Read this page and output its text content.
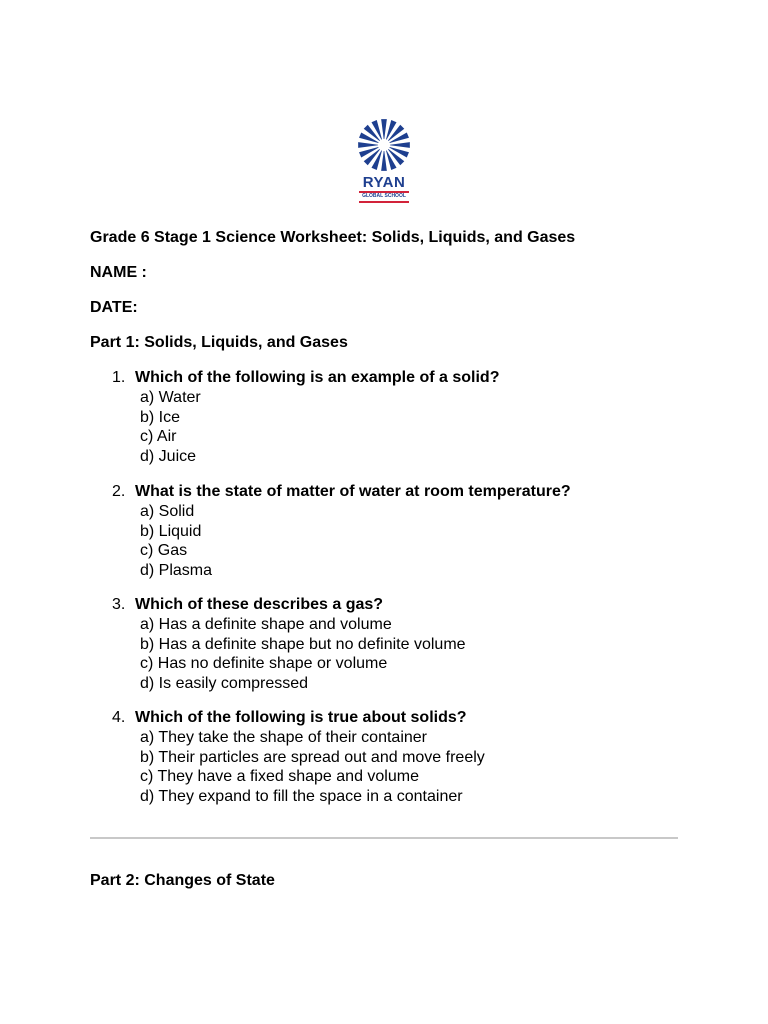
RYAN
GLOBAL SCHOOL
Grade 6 Stage 1 Science Worksheet: Solids, Liquids, and Gases
NAME :
DATE:
Part 1: Solids, Liquids, and Gases
1. Which of the following is an example of a solid?
a) Water
b) Ice
c) Air
d) Juice
2. What is the state of matter of water at room temperature?
a) Solid
b) Liquid
c) Gas
d) Plasma
3. Which of these describes a gas?
a) Has a definite shape and volume
b) Has a definite shape but no definite volume
c) Has no definite shape or volume
d) Is easily compressed
4. Which of the following is true about solids?
a) They take the shape of their container
b) Their particles are spread out and move freely
c) They have a fixed shape and volume
d) They expand to fill the space in a container
Part 2: Changes of State
